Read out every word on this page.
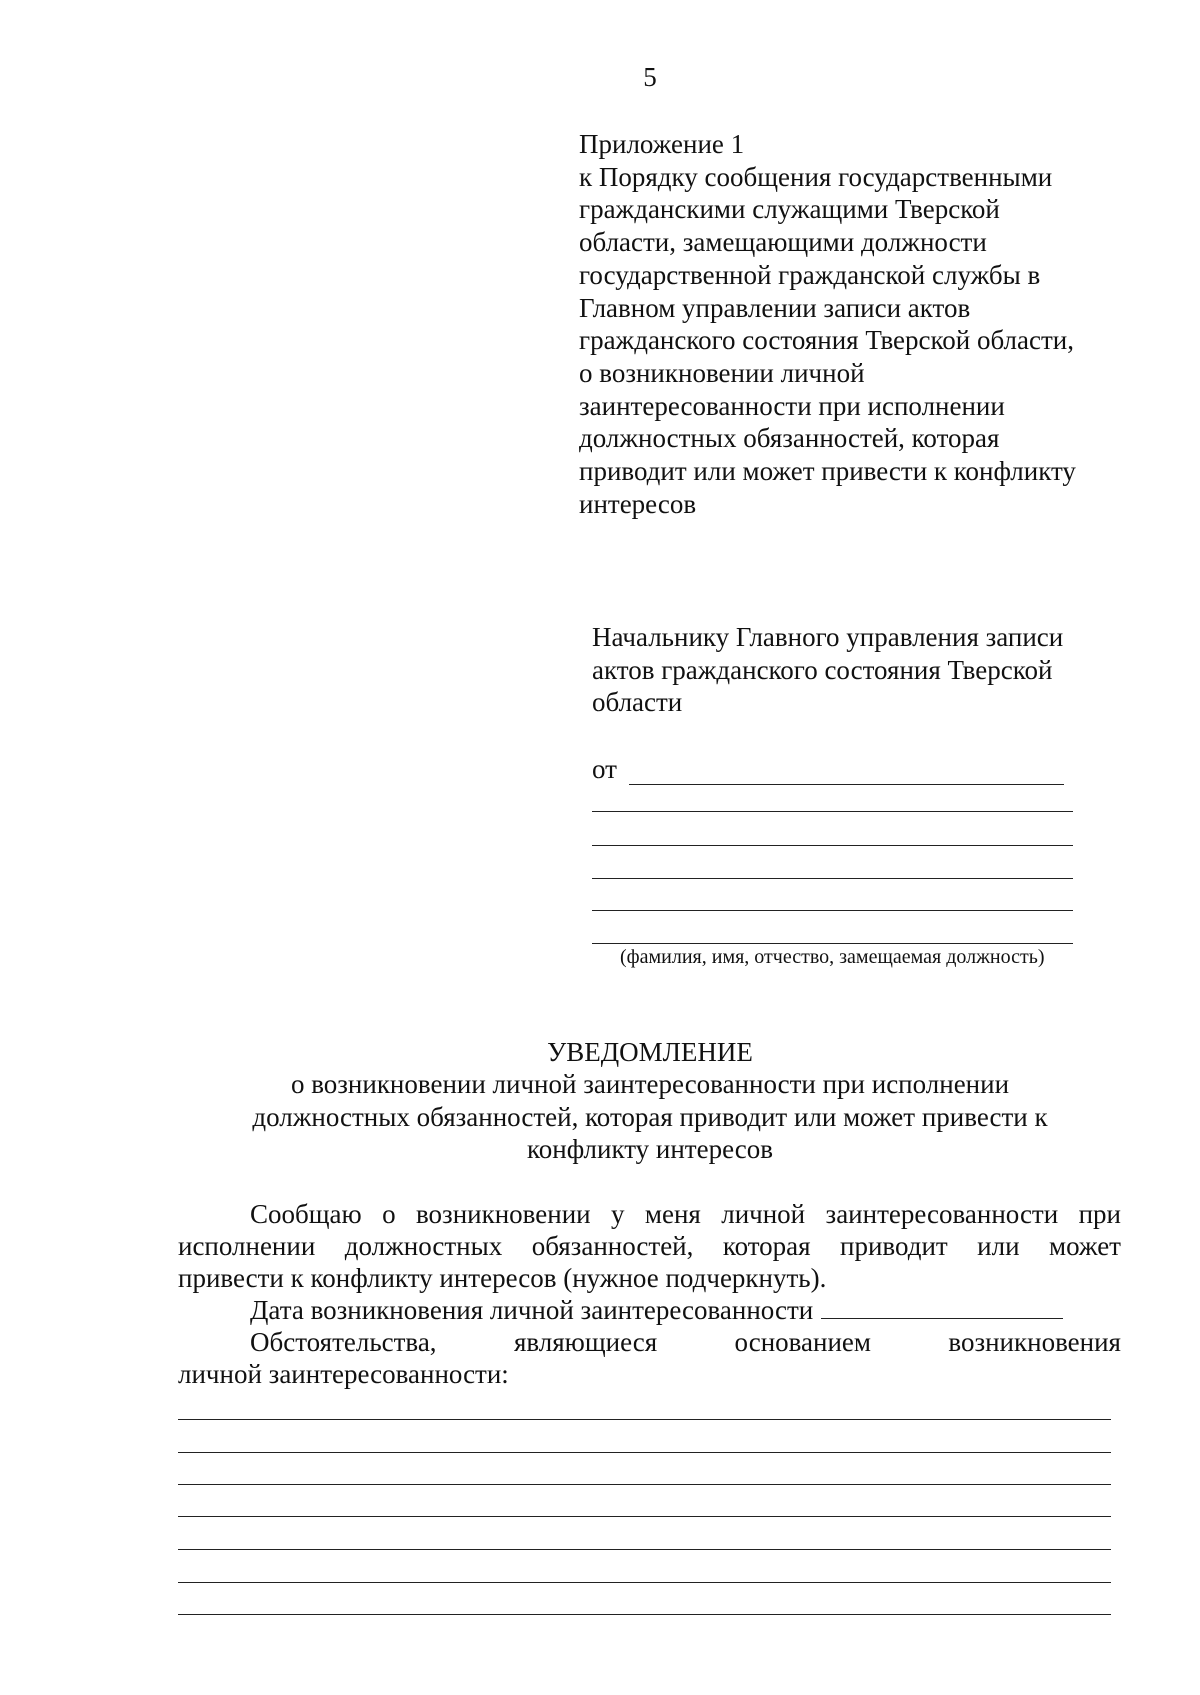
5
Приложение 1
к Порядку сообщения государственными
гражданскими служащими Тверской
области, замещающими должности
государственной гражданской службы в
Главном управлении записи актов
гражданского состояния Тверской области,
о возникновении личной
заинтересованности при исполнении
должностных обязанностей, которая
приводит или может привести к конфликту
интересов
Начальнику Главного управления записи
актов гражданского состояния Тверской
области
от
(фамилия, имя, отчество, замещаемая должность)
УВЕДОМЛЕНИЕ
о возникновении личной заинтересованности при исполнении
должностных обязанностей, которая приводит или может привести к
конфликту интересов
Сообщаю о возникновении у меня личной заинтересованности при
исполнении должностных обязанностей, которая приводит или может
привести к конфликту интересов (нужное подчеркнуть).
Дата возникновения личной заинтересованности
Обстоятельства,	являющиеся	основанием	возникновения
личной заинтересованности:
